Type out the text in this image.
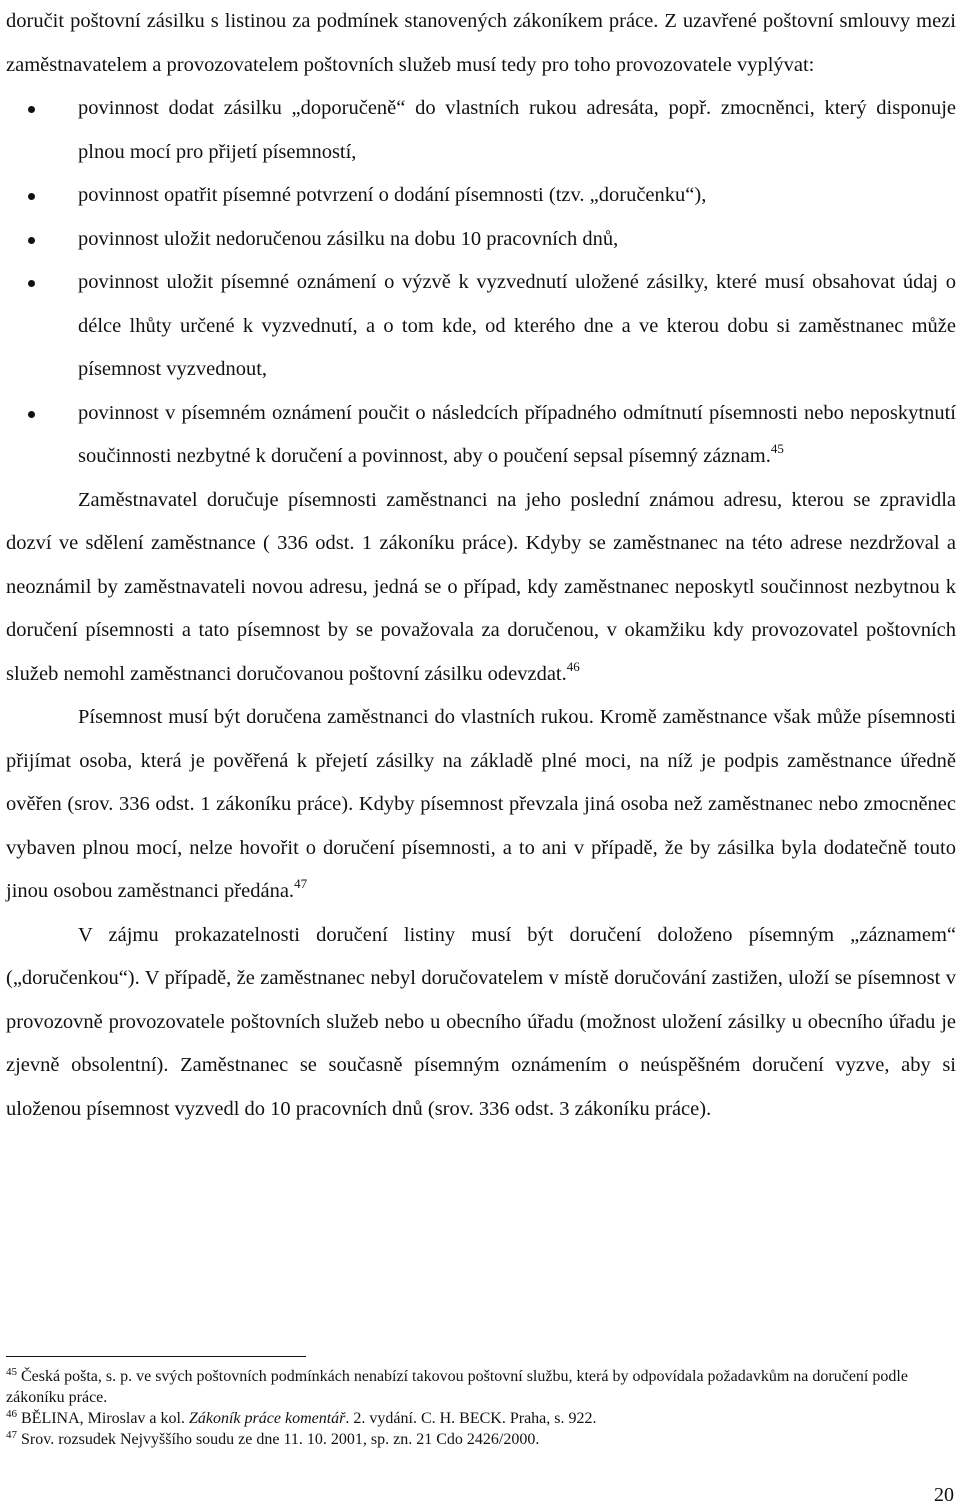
doručit poštovní zásilku s listinou za podmínek stanovených zákoníkem práce. Z uzavřené poštovní smlouvy mezi zaměstnavatelem a provozovatelem poštovních služeb musí tedy pro toho provozovatele vyplývat:

povinnost dodat zásilku „doporučeně“ do vlastních rukou adresáta, popř. zmocněnci, který disponuje plnou mocí pro přijetí písemností,
povinnost opatřit písemné potvrzení o dodání písemnosti (tzv. „doručenku“),
povinnost uložit nedoručenou zásilku na dobu 10 pracovních dnů,
povinnost uložit písemné oznámení o výzvě k vyzvednutí uložené zásilky, které musí obsahovat údaj o délce lhůty určené k vyzvednutí, a o tom kde, od kterého dne a ve kterou dobu si zaměstnanec může písemnost vyzvednout,
povinnost v písemném oznámení poučit o následcích případného odmítnutí písemnosti nebo neposkytnutí součinnosti nezbytné k doručení a povinnost, aby o poučení sepsal písemný záznam.$^{45}$

Zaměstnavatel doručuje písemnosti zaměstnanci na jeho poslední známou adresu, kterou se zpravidla dozví ve sdělení zaměstnance ( 336 odst. 1 zákoníku práce). Kdyby se zaměstnanec na této adrese nezdržoval a neoznámil by zaměstnavateli novou adresu, jedná se o případ, kdy zaměstnanec neposkytl součinnost nezbytnou k doručení písemnosti a tato písemnost by se považovala za doručenou, v okamžiku kdy provozovatel poštovních služeb nemohl zaměstnanci doručovanou poštovní zásilku odevzdat.$^{46}$

Písemnost musí být doručena zaměstnanci do vlastních rukou. Kromě zaměstnance však může písemnosti přijímat osoba, která je pověřená k přejetí zásilky na základě plné moci, na níž je podpis zaměstnance úředně ověřen (srov. 336 odst. 1 zákoníku práce). Kdyby písemnost převzala jiná osoba než zaměstnanec nebo zmocněnec vybaven plnou mocí, nelze hovořit o doručení písemnosti, a to ani v případě, že by zásilka byla dodatečně touto jinou osobou zaměstnanci předána.$^{47}$

V zájmu prokazatelnosti doručení listiny musí být doručení doloženo písemným „záznamem“ („doručenkou“). V případě, že zaměstnanec nebyl doručovatelem v místě doručování zastižen, uloží se písemnost v provozovně provozovatele poštovních služeb nebo u obecního úřadu (možnost uložení zásilky u obecního úřadu je zjevně obsolentní). Zaměstnanec se současně písemným oznámením o neúspěšném doručení vyzve, aby si uloženou písemnost vyzvedl do 10 pracovních dnů (srov. 336 odst. 3 zákoníku práce).

$^{45}$ Česká pošta, s. p. ve svých poštovních podmínkách nenabízí takovou poštovní službu, která by odpovídala požadavkům na doručení podle zákoníku práce.

$^{46}$ BĚLINA, Miroslav a kol. Zákoník práce komentář. 2. vydání. C. H. BECK. Praha, s. 922.

$^{47}$ Srov. rozsudek Nejvyššího soudu ze dne 11. 10. 2001, sp. zn. 21 Cdo 2426/2000.

20
